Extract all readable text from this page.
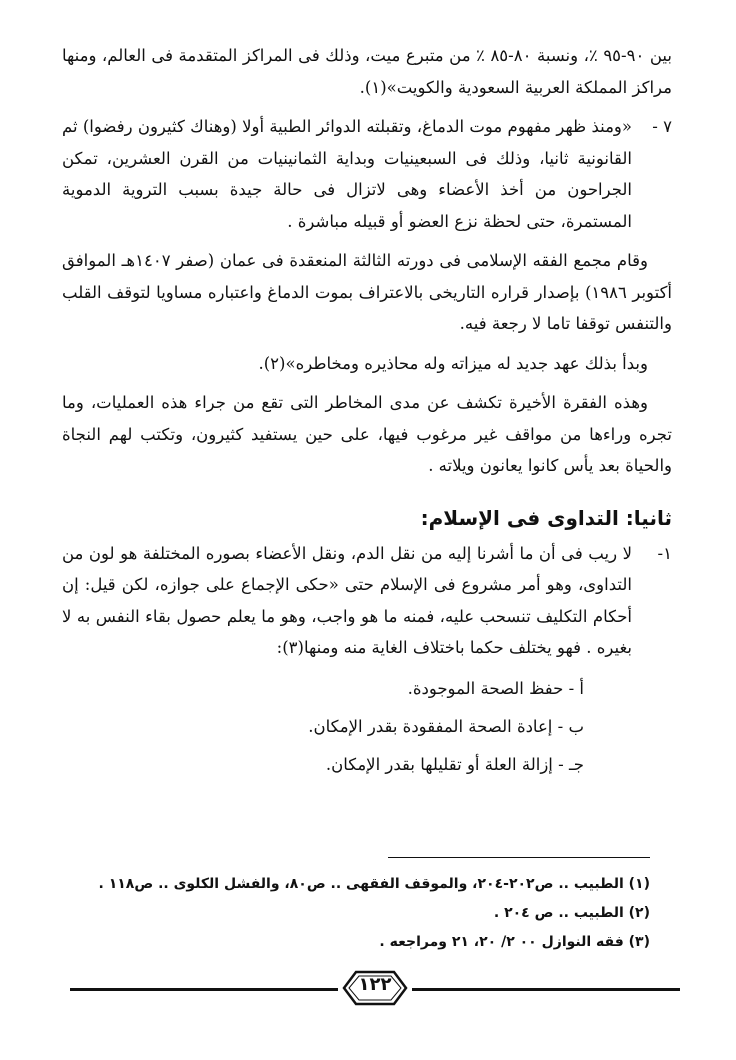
بين ٩٠-٩٥ ٪، ونسبة ٨٠-٨٥ ٪ من متبرع ميت، وذلك فى المراكز المتقدمة فى العالم، ومنها مراكز المملكة العربية السعودية والكويت»(١).

٧ -

«ومنذ ظهر مفهوم موت الدماغ، وتقبلته الدوائر الطبية أولا (وهناك كثيرون رفضوا) ثم القانونية ثانيا، وذلك فى السبعينيات وبداية الثمانينيات من القرن العشرين، تمكن الجراحون من أخذ الأعضاء وهى لاتزال فى حالة جيدة بسبب التروية الدموية المستمرة، حتى لحظة نزع العضو أو قبيله مباشرة .

وقام مجمع الفقه الإسلامى فى دورته الثالثة المنعقدة فى عمان (صفر ١٤٠٧هـ الموافق أكتوبر ١٩٨٦) بإصدار قراره التاريخى بالاعتراف بموت الدماغ واعتباره مساويا لتوقف القلب والتنفس توقفا تاما لا رجعة فيه.

وبدأ بذلك عهد جديد له ميزاته وله محاذيره ومخاطره»(٢).

وهذه الفقرة الأخيرة تكشف عن مدى المخاطر التى تقع من جراء هذه العمليات، وما تجره وراءها من مواقف غير مرغوب فيها، على حين يستفيد كثيرون، وتكتب لهم النجاة والحياة بعد يأس كانوا يعانون ويلاته .

ثانيا: التداوى فى الإسلام:
١-

لا ريب فى أن ما أشرنا إليه من نقل الدم، ونقل الأعضاء بصوره المختلفة هو لون من التداوى، وهو أمر مشروع فى الإسلام حتى «حكى الإجماع على جوازه، لكن قيل: إن أحكام التكليف تنسحب عليه، فمنه ما هو واجب، وهو ما يعلم حصول بقاء النفس به لا بغيره . فهو يختلف حكما باختلاف الغاية منه ومنها(٣):

أ - حفظ الصحة الموجودة.

ب - إعادة الصحة المفقودة بقدر الإمكان.

جـ - إزالة العلة أو تقليلها بقدر الإمكان.

(١) الطبيب .. ص٢٠٢-٢٠٤، والموقف الفقهى .. ص٨٠، والفشل الكلوى .. ص١١٨ .

(٢) الطبيب .. ص ٢٠٤ .

(٣) فقه النوازل ٠٠ ٢/ ٢٠، ٢١ ومراجعه .

١٢٢
